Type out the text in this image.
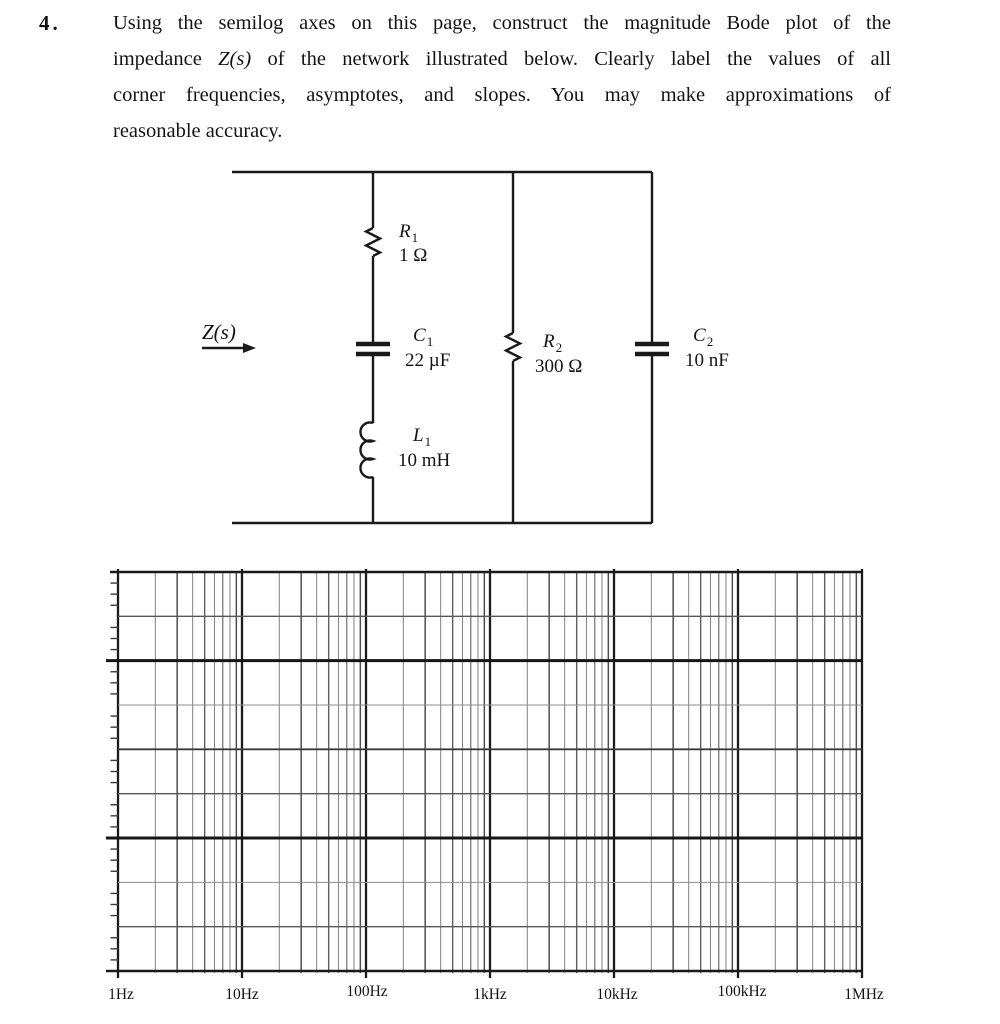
4.	Using the semilog axes on this page, construct the magnitude Bode plot of the
impedance Z(s) of the network illustrated below. Clearly label the values of all
corner frequencies, asymptotes, and slopes. You may make approximations of
reasonable accuracy.
Z(s)
$R_1$
1 Ω
$C_1$
22 µF
$L_1$
10 mH
$R_2$
300 Ω
$C_2$
10 nF
1Hz	10Hz	100Hz	1kHz	10kHz	100kHz	1MHz
